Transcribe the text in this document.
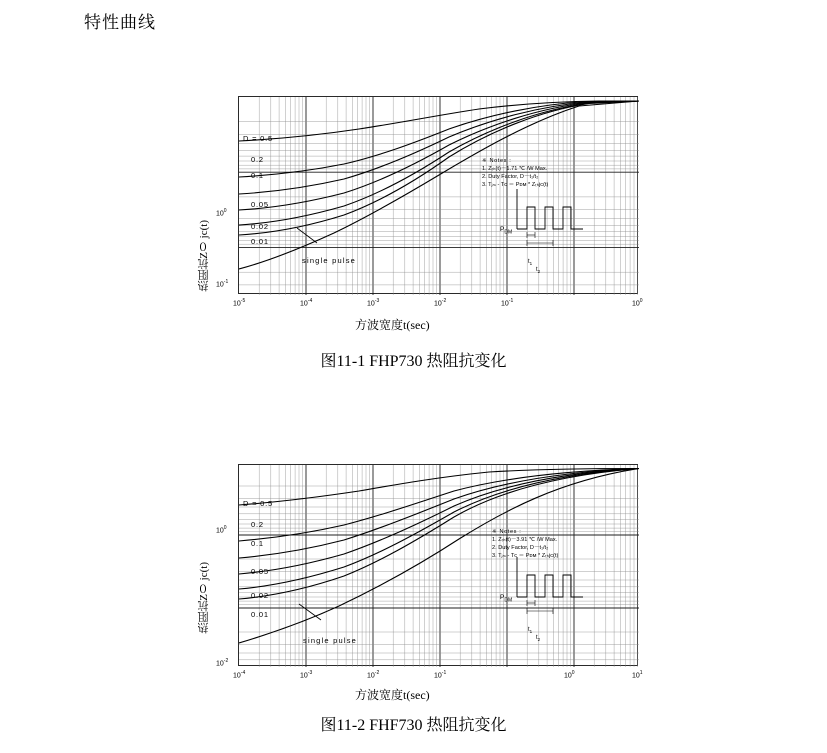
特性曲线
热阻抗Z０ jc(t)
$10^0$
$10^{-1}$
D = 0.5
0.2
0.1
0.05
0.02
0.01
single pulse
※ Notes :
1. Zₜₕ(t)－1.71 ℃ /W Max.
2. Duty Factor, D－t₁/t₂
3. Tⱼₘ - Tᴄ ＝ Pᴅᴍ * Zₜₕjc(t)
$P_{DM}$
$t_1$
$t_2$
$10^{-5}$	$10^{-4}$	$10^{-3}$	$10^{-2}$	$10^{-1}$	$10^0$
方波宽度t(sec)
图11-1 FHP730 热阻抗变化
热阻抗Z０ jc(t)
$10^0$
$10^{-2}$
D = 0.5
0.2
0.1
0.05
0.02
0.01
single pulse
※ Notes :
1. Zₜₕ(t)－3.91 ℃ /W Max.
2. Duty Factor, D－t₁/t₂
3. Tⱼₘ - Tᴄ ＝ Pᴅᴍ * Zₜₕjc(t)
$P_{DM}$
$t_1$
$t_2$
$10^{-4}$	$10^{-3}$	$10^{-2}$	$10^{-1}$	$10^0$	$10^1$
方波宽度t(sec)
图11-2 FHF730 热阻抗变化
